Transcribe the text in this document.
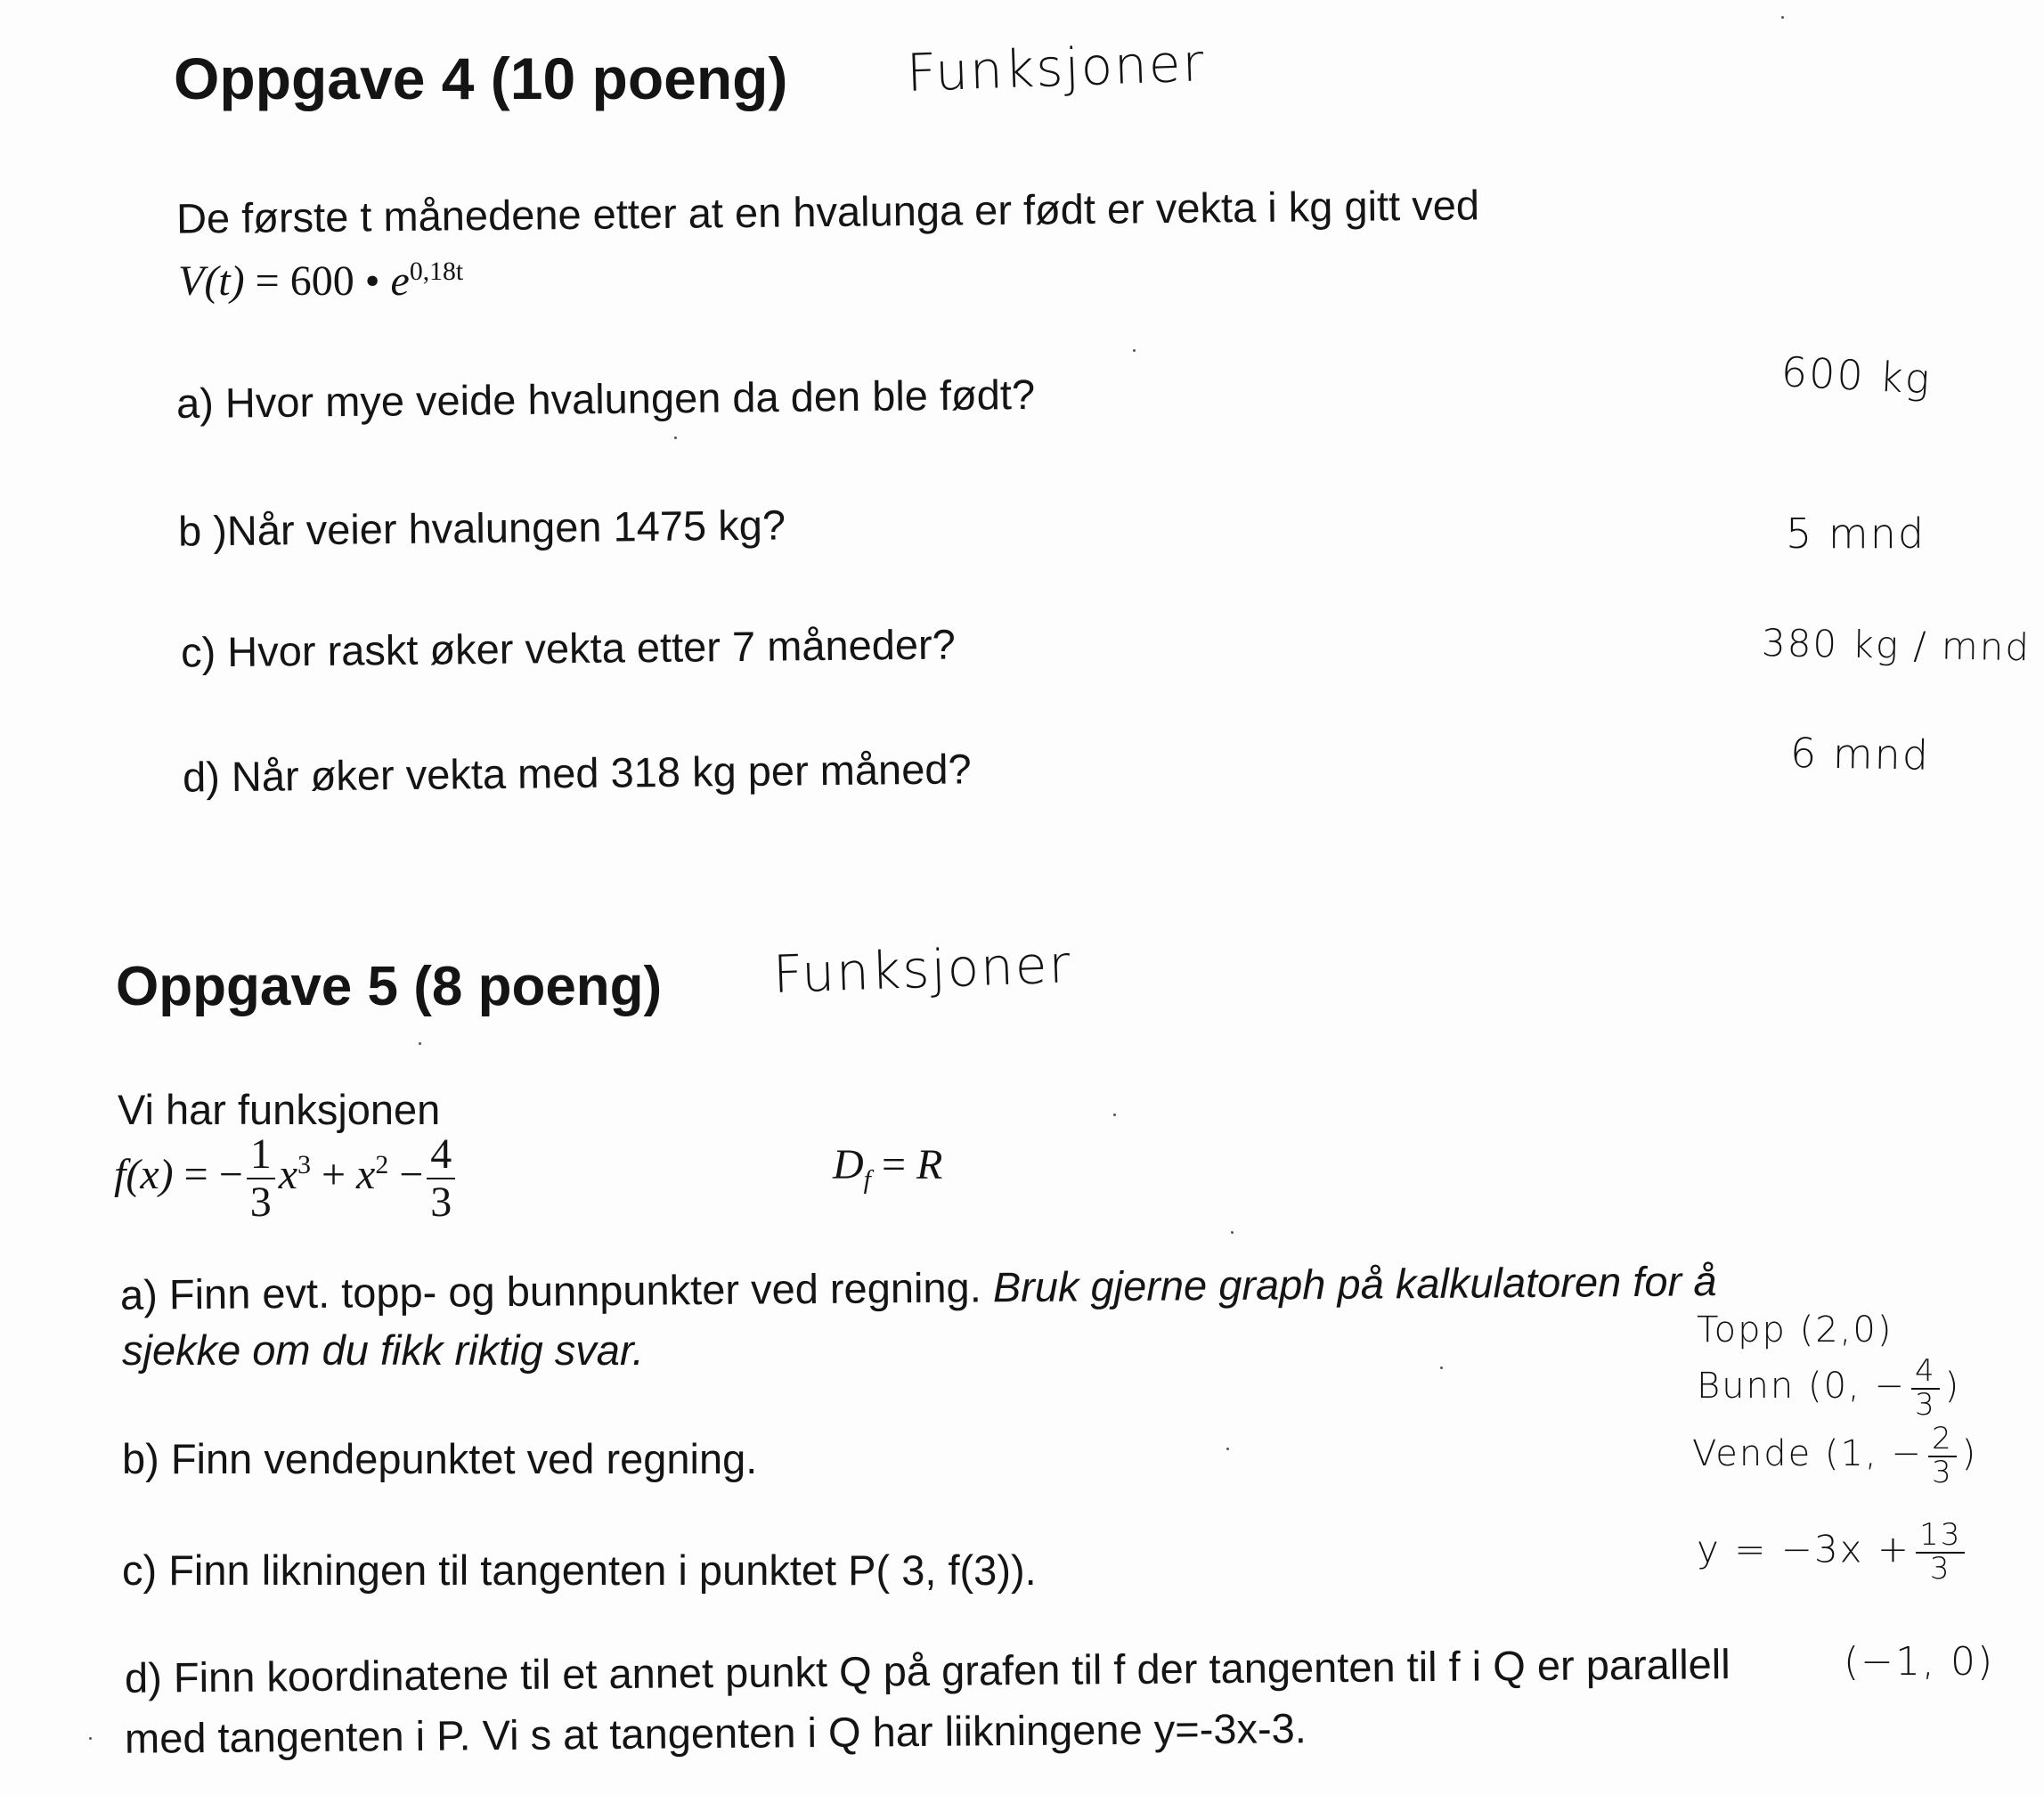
Oppgave 4 (10 poeng) Funksjoner
De første t månedene etter at en hvalunga er født er vekta i kg gitt ved
V(t) = 600 • $e^{0,18t}$
a) Hvor mye veide hvalungen da den ble født?	600 kg
b )Når veier hvalungen 1475 kg?	5 mnd
c) Hvor raskt øker vekta etter 7 måneder?	380 kg / mnd
d) Når øker vekta med 318 kg per måned?	6 mnd
Oppgave 5 (8 poeng) Funksjoner
Vi har funksjonen
f(x) = − $\frac{1}{3} x^3 + x^2 - \frac{4}{3}$	$D_f = R$
a) Finn evt. topp- og bunnpunkter ved regning. Bruk gjerne graph på kalkulatoren for å
sjekke om du fikk riktig svar.	Topp (2,0)
Bunn (0, − $\frac{4}{3}$ )
b) Finn vendepunktet ved regning.	Vende (1, − $\frac{2}{3}$ )
c) Finn likningen til tangenten i punktet P( 3, f(3)).	$y = -3x + \frac{13}{3}$
d) Finn koordinatene til et annet punkt Q på grafen til f der tangenten til f i Q er parallell
med tangenten i P. Vi s at tangenten i Q har liikningene y=-3x-3.
(−1, 0)
